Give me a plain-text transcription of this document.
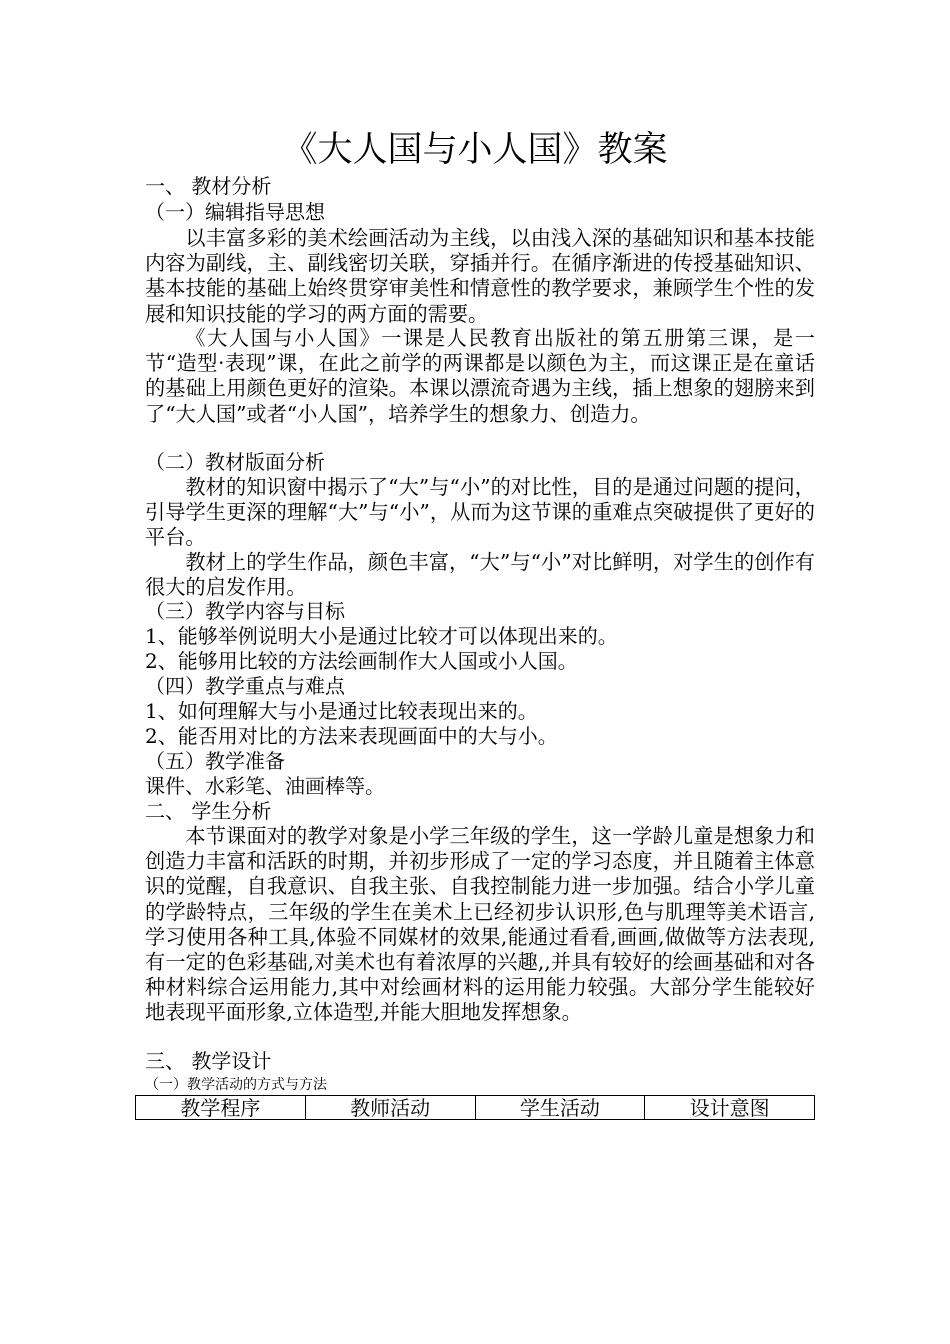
《大人国与小人国》教案
一、 教材分析
（一）编辑指导思想
以丰富多彩的美术绘画活动为主线，以由浅入深的基础知识和基本技能内容为副线，主、副线密切关联，穿插并行。在循序渐进的传授基础知识、基本技能的基础上始终贯穿审美性和情意性的教学要求，兼顾学生个性的发展和知识技能的学习的两方面的需要。
《大人国与小人国》一课是人民教育出版社的第五册第三课，是一节“造型·表现”课，在此之前学的两课都是以颜色为主，而这课正是在童话的基础上用颜色更好的渲染。本课以漂流奇遇为主线，插上想象的翅膀来到了“大人国”或者“小人国”，培养学生的想象力、创造力。
（二）教材版面分析
教材的知识窗中揭示了“大”与“小”的对比性，目的是通过问题的提问，引导学生更深的理解“大”与“小”，从而为这节课的重难点突破提供了更好的平台。
教材上的学生作品，颜色丰富，“大”与“小”对比鲜明，对学生的创作有很大的启发作用。
（三）教学内容与目标
1、能够举例说明大小是通过比较才可以体现出来的。
2、能够用比较的方法绘画制作大人国或小人国。
（四）教学重点与难点
1、如何理解大与小是通过比较表现出来的。
2、能否用对比的方法来表现画面中的大与小。
（五）教学准备
课件、水彩笔、油画棒等。
二、 学生分析
本节课面对的教学对象是小学三年级的学生，这一学龄儿童是想象力和创造力丰富和活跃的时期，并初步形成了一定的学习态度，并且随着主体意识的觉醒，自我意识、自我主张、自我控制能力进一步加强。结合小学儿童的学龄特点，三年级的学生在美术上已经初步认识形,色与肌理等美术语言,学习使用各种工具,体验不同媒材的效果,能通过看看,画画,做做等方法表现,有一定的色彩基础,对美术也有着浓厚的兴趣,,并具有较好的绘画基础和对各种材料综合运用能力,其中对绘画材料的运用能力较强。大部分学生能较好地表现平面形象,立体造型,并能大胆地发挥想象。
三、 教学设计
（一）教学活动的方式与方法
教学程序	教师活动	学生活动	设计意图
